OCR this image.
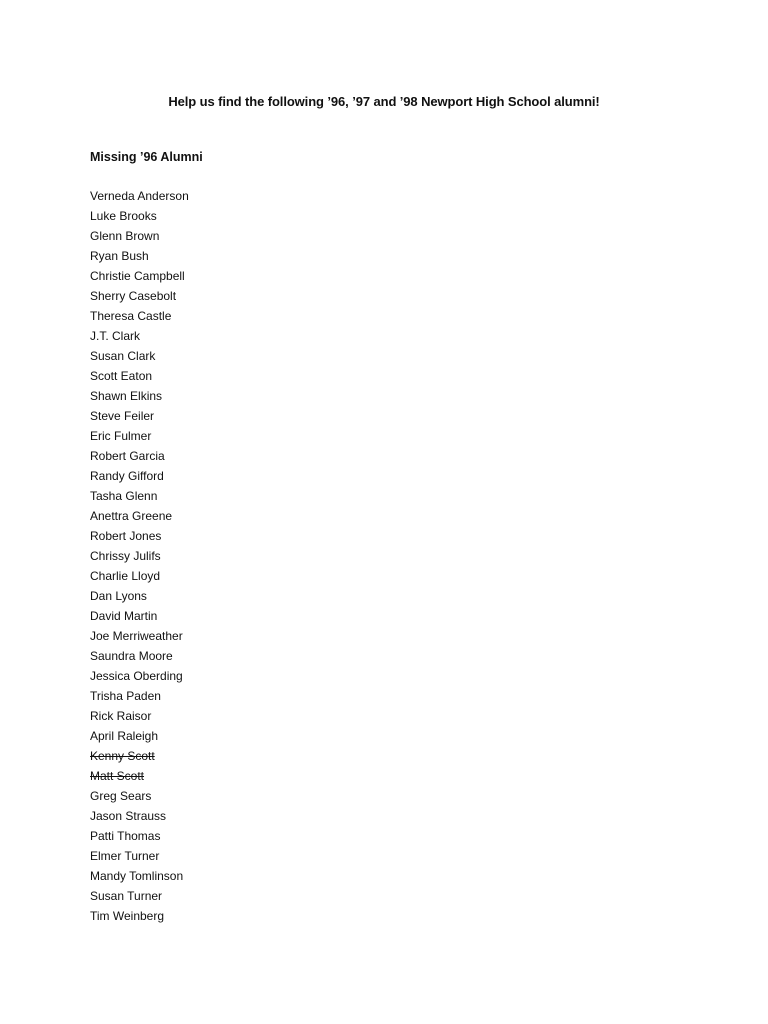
Help us find the following ’96, ’97 and ’98 Newport High School alumni!
Missing ’96 Alumni
Verneda Anderson
Luke Brooks
Glenn Brown
Ryan Bush
Christie Campbell
Sherry Casebolt
Theresa Castle
J.T. Clark
Susan Clark
Scott Eaton
Shawn Elkins
Steve Feiler
Eric Fulmer
Robert Garcia
Randy Gifford
Tasha Glenn
Anettra Greene
Robert Jones
Chrissy Julifs
Charlie Lloyd
Dan Lyons
David Martin
Joe Merriweather
Saundra Moore
Jessica Oberding
Trisha Paden
Rick Raisor
April Raleigh
Kenny Scott
Matt Scott
Greg Sears
Jason Strauss
Patti Thomas
Elmer Turner
Mandy Tomlinson
Susan Turner
Tim Weinberg
